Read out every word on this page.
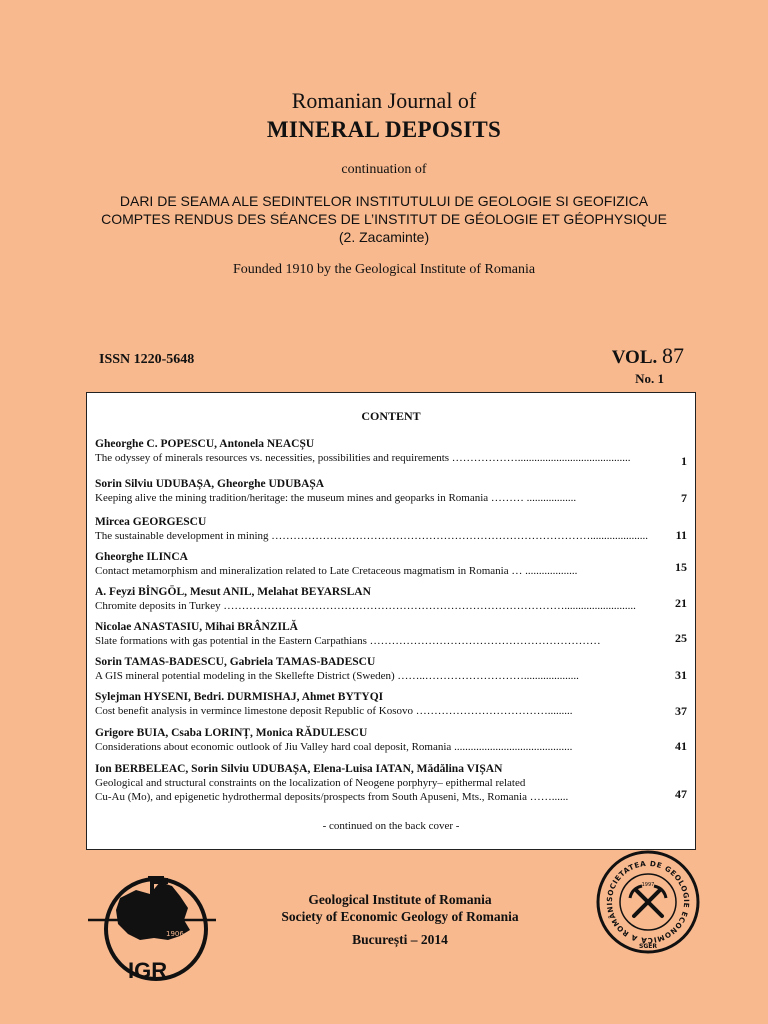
Romanian Journal of
MINERAL DEPOSITS
continuation of
DARI DE SEAMA ALE SEDINTELOR INSTITUTULUI DE GEOLOGIE SI GEOFIZICA
COMPTES RENDUS DES SÉANCES DE L’INSTITUT DE GÉOLOGIE ET GÉOPHYSIQUE
(2. Zacaminte)
Founded 1910 by the Geological Institute of Romania
ISSN 1220-5648	VOL. 87
No. 1
CONTENT
Gheorghe C. POPESCU, Antonela NEACȘU
The odyssey of minerals resources vs. necessities, possibilities and requirements ……………….........................................	1
Sorin Silviu UDUBAȘA, Gheorghe UDUBAȘA
Keeping alive the mining tradition/heritage: the museum mines and geoparks in Romania ……… ..................	7
Mircea GEORGESCU
The sustainable development in mining …………………………………………………………………………….....................	11
Gheorghe ILINCA
Contact metamorphism and mineralization related to Late Cretaceous magmatism in Romania … ...................	15
A. Feyzi BİNGÖL, Mesut ANIL, Melahat BEYARSLAN
Chromite deposits in Turkey …………………………………………………………………………………..........................	21
Nicolae ANASTASIU, Mihai BRÂNZILĂ
Slate formations with gas potential in the Eastern Carpathians ………………………………………………………	25
Sorin TAMAS-BADESCU, Gabriela TAMAS-BADESCU
A GIS mineral potential modeling in the Skellefte District (Sweden) ……..………………………....................	31
Sylejman HYSENI, Bedri. DURMISHAJ, Ahmet BYTYQI
Cost benefit analysis in vermince limestone deposit Republic of Kosovo ……………………………….........	37
Grigore BUIA, Csaba LORINȚ, Monica RĂDULESCU
Considerations about economic outlook of Jiu Valley hard coal deposit, Romania ...........................................	41
Ion BERBELEAC, Sorin Silviu UDUBAȘA, Elena-Luisa IATAN, Mădălina VIȘAN
Geological and structural constraints on the localization of Neogene porphyry– epithermal related
Cu-Au (Mo), and epigenetic hydrothermal deposits/prospects from South Apuseni, Mts., Romania ……......	47
- continued on the back cover -
1906
IGR
Geological Institute of Romania
Society of Economic Geology of Romania
București – 2014
SOCIETATEA DE GEOLOGIE ECONOMICĂ A ROMÂNI
1997
SGER
